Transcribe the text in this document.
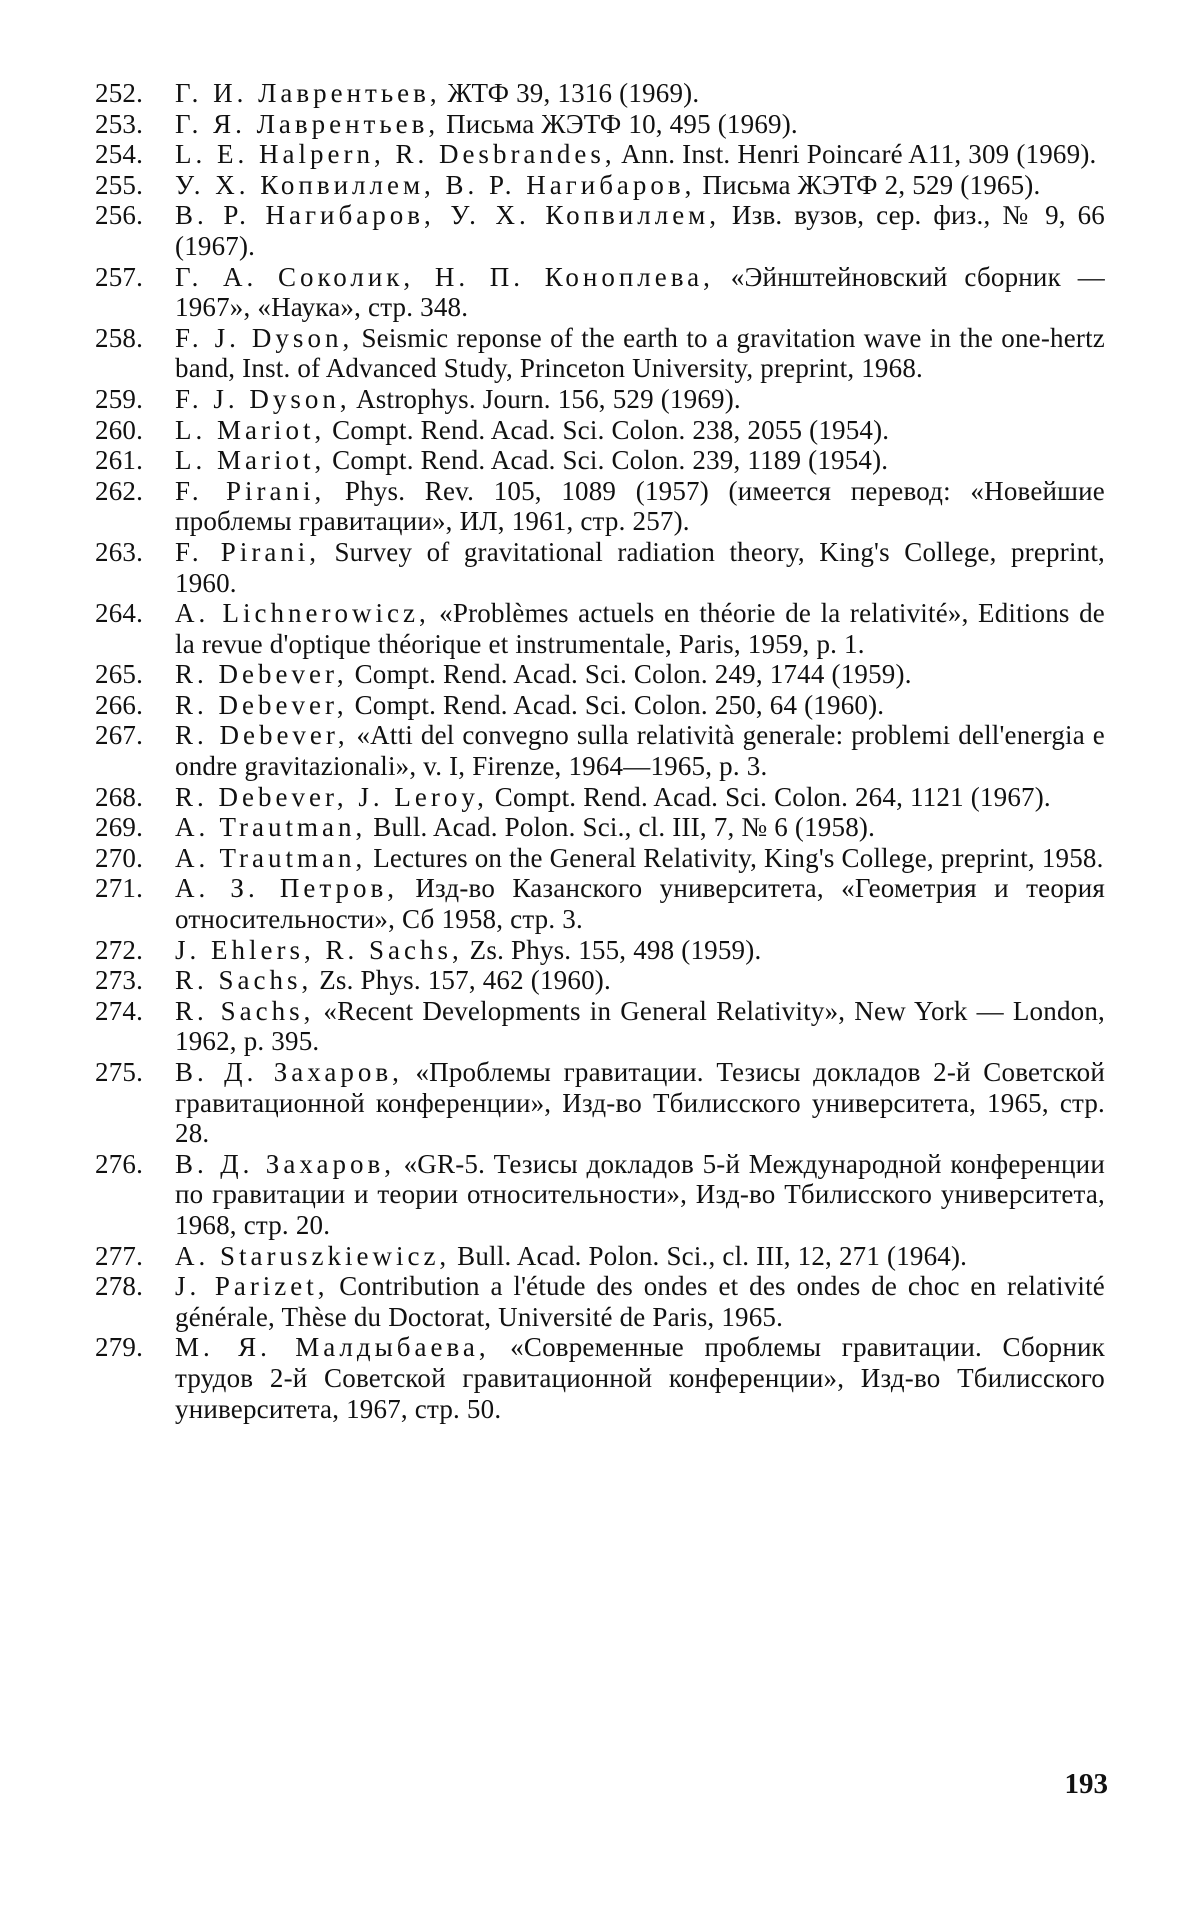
252.	Г. И. Лаврентьев, ЖТФ 39, 1316 (1969).
253.	Г. Я. Лаврентьев, Письма ЖЭТФ 10, 495 (1969).
254.	L. E. Halpern, R. Desbrandes, Ann. Inst. Henri Poincaré A11, 309 (1969).
255.	У. Х. Копвиллем, В. Р. Нагибаров, Письма ЖЭТФ 2, 529 (1965).
256.	В. Р. Нагибаров, У. Х. Копвиллем, Изв. вузов, сер. физ., № 9, 66 (1967).
257.	Г. А. Соколик, Н. П. Коноплева, «Эйнштейновский сборник — 1967», «Наука», стр. 348.
258.	F. J. Dyson, Seismic reponse of the earth to a gravitation wave in the one-hertz band, Inst. of Advanced Study, Princeton University, preprint, 1968.
259.	F. J. Dyson, Astrophys. Journ. 156, 529 (1969).
260.	L. Mariot, Compt. Rend. Acad. Sci. Colon. 238, 2055 (1954).
261.	L. Mariot, Compt. Rend. Acad. Sci. Colon. 239, 1189 (1954).
262.	F. Pirani, Phys. Rev. 105, 1089 (1957) (имеется перевод: «Новейшие проблемы гравитации», ИЛ, 1961, стр. 257).
263.	F. Pirani, Survey of gravitational radiation theory, King's College, preprint, 1960.
264.	A. Lichnerowicz, «Problèmes actuels en théorie de la relativité», Editions de la revue d'optique théorique et instrumentale, Paris, 1959, p. 1.
265.	R. Debever, Compt. Rend. Acad. Sci. Colon. 249, 1744 (1959).
266.	R. Debever, Compt. Rend. Acad. Sci. Colon. 250, 64 (1960).
267.	R. Debever, «Atti del convegno sulla relatività generale: problemi dell'energia e ondre gravitazionali», v. I, Firenze, 1964—1965, p. 3.
268.	R. Debever, J. Leroy, Compt. Rend. Acad. Sci. Colon. 264, 1121 (1967).
269.	A. Trautman, Bull. Acad. Polon. Sci., cl. III, 7, № 6 (1958).
270.	A. Trautman, Lectures on the General Relativity, King's College, preprint, 1958.
271.	А. З. Петров, Изд-во Казанского университета, «Геометрия и теория относительности», Сб 1958, стр. 3.
272.	J. Ehlers, R. Sachs, Zs. Phys. 155, 498 (1959).
273.	R. Sachs, Zs. Phys. 157, 462 (1960).
274.	R. Sachs, «Recent Developments in General Relativity», New York — London, 1962, p. 395.
275.	В. Д. Захаров, «Проблемы гравитации. Тезисы докладов 2-й Советской гравитационной конференции», Изд-во Тбилисского университета, 1965, стр. 28.
276.	В. Д. Захаров, «GR-5. Тезисы докладов 5-й Международной конференции по гравитации и теории относительности», Изд-во Тбилисского университета, 1968, стр. 20.
277.	A. Staruszkiewicz, Bull. Acad. Polon. Sci., cl. III, 12, 271 (1964).
278.	J. Parizet, Contribution a l'étude des ondes et des ondes de choc en relativité générale, Thèse du Doctorat, Université de Paris, 1965.
279.	М. Я. Малдыбаева, «Современные проблемы гравитации. Сборник трудов 2-й Советской гравитационной конференции», Изд-во Тбилисского университета, 1967, стр. 50.
193
